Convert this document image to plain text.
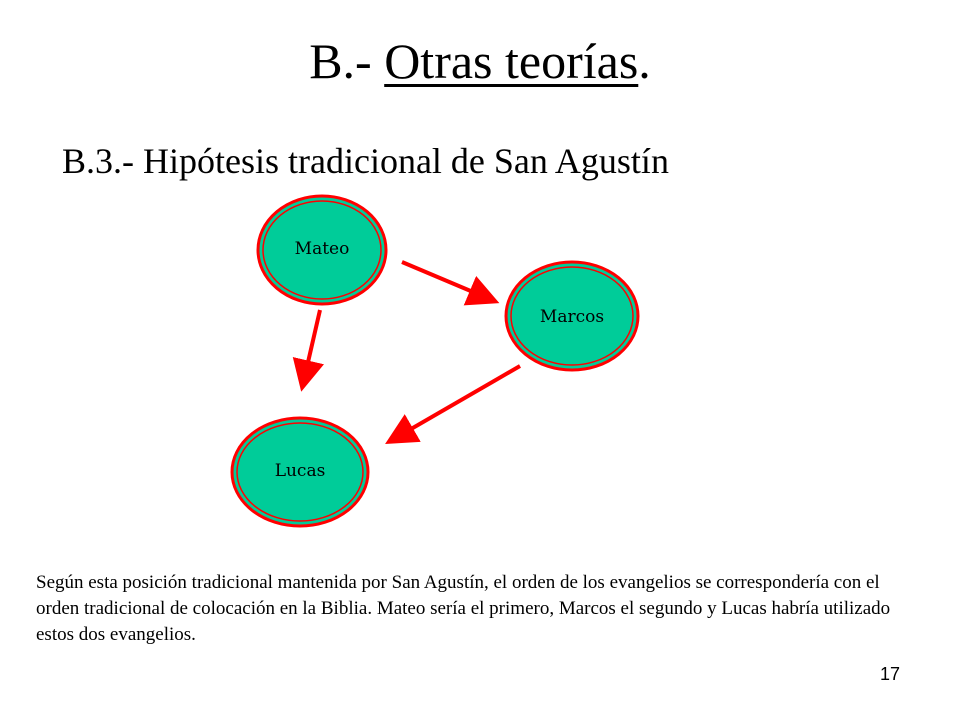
B.- Otras teorías.
B.3.- Hipótesis tradicional de San Agustín
Mateo
Marcos
Lucas
Según esta posición tradicional mantenida por San Agustín, el orden de los evangelios se correspondería con el orden tradicional de colocación en la Biblia. Mateo sería el primero, Marcos el segundo y Lucas habría utilizado estos dos evangelios.
17
